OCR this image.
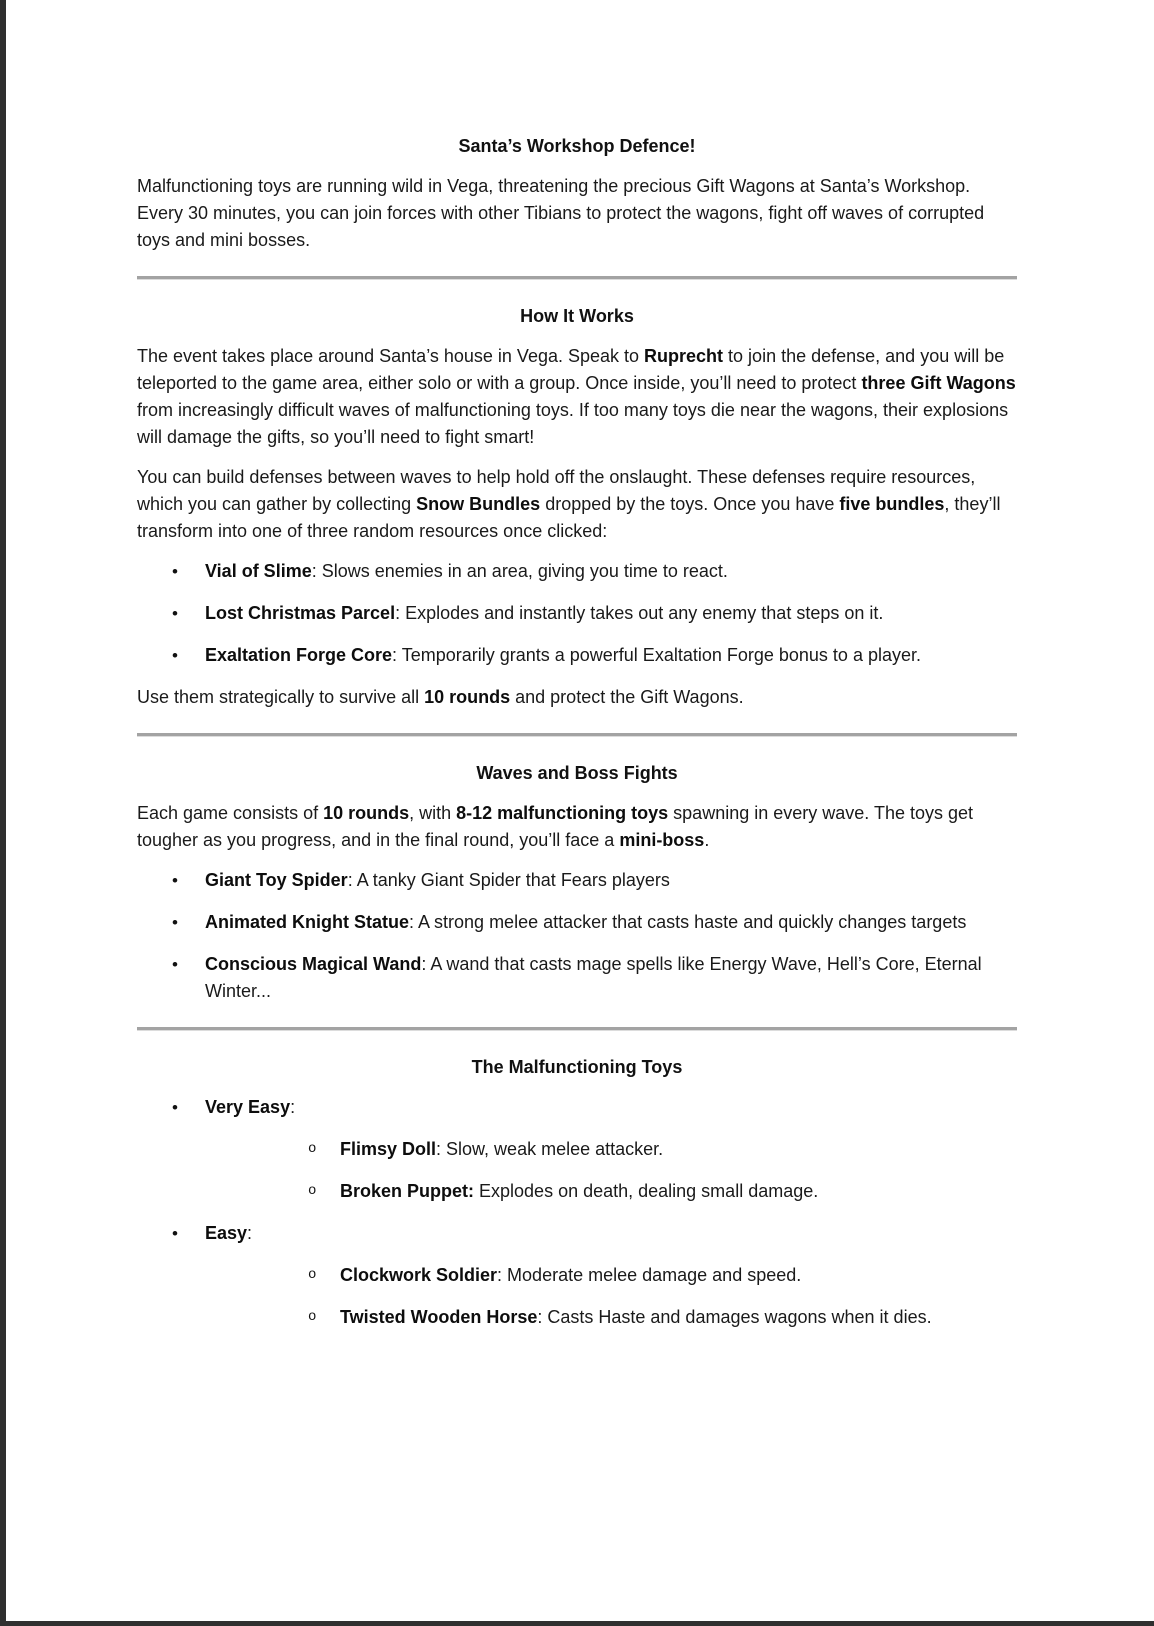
Santa’s Workshop Defence!

Malfunctioning toys are running wild in Vega, threatening the precious Gift Wagons at Santa’s Workshop. Every 30 minutes, you can join forces with other Tibians to protect the wagons, fight off waves of corrupted toys and mini bosses.

How It Works

The event takes place around Santa’s house in Vega. Speak to Ruprecht to join the defense, and you will be teleported to the game area, either solo or with a group. Once inside, you’ll need to protect three Gift Wagons from increasingly difficult waves of malfunctioning toys. If too many toys die near the wagons, their explosions will damage the gifts, so you’ll need to fight smart!

You can build defenses between waves to help hold off the onslaught. These defenses require resources, which you can gather by collecting Snow Bundles dropped by the toys. Once you have five bundles, they’ll transform into one of three random resources once clicked:

• Vial of Slime: Slows enemies in an area, giving you time to react.
• Lost Christmas Parcel: Explodes and instantly takes out any enemy that steps on it.
• Exaltation Forge Core: Temporarily grants a powerful Exaltation Forge bonus to a player.

Use them strategically to survive all 10 rounds and protect the Gift Wagons.

Waves and Boss Fights

Each game consists of 10 rounds, with 8-12 malfunctioning toys spawning in every wave. The toys get tougher as you progress, and in the final round, you’ll face a mini-boss.

• Giant Toy Spider: A tanky Giant Spider that Fears players
• Animated Knight Statue: A strong melee attacker that casts haste and quickly changes targets
• Conscious Magical Wand: A wand that casts mage spells like Energy Wave, Hell’s Core, Eternal Winter...
The Malfunctioning Toys
• Very Easy:
o Flimsy Doll: Slow, weak melee attacker.
o Broken Puppet: Explodes on death, dealing small damage.
• Easy:
o Clockwork Soldier: Moderate melee damage and speed.
o Twisted Wooden Horse: Casts Haste and damages wagons when it dies.
